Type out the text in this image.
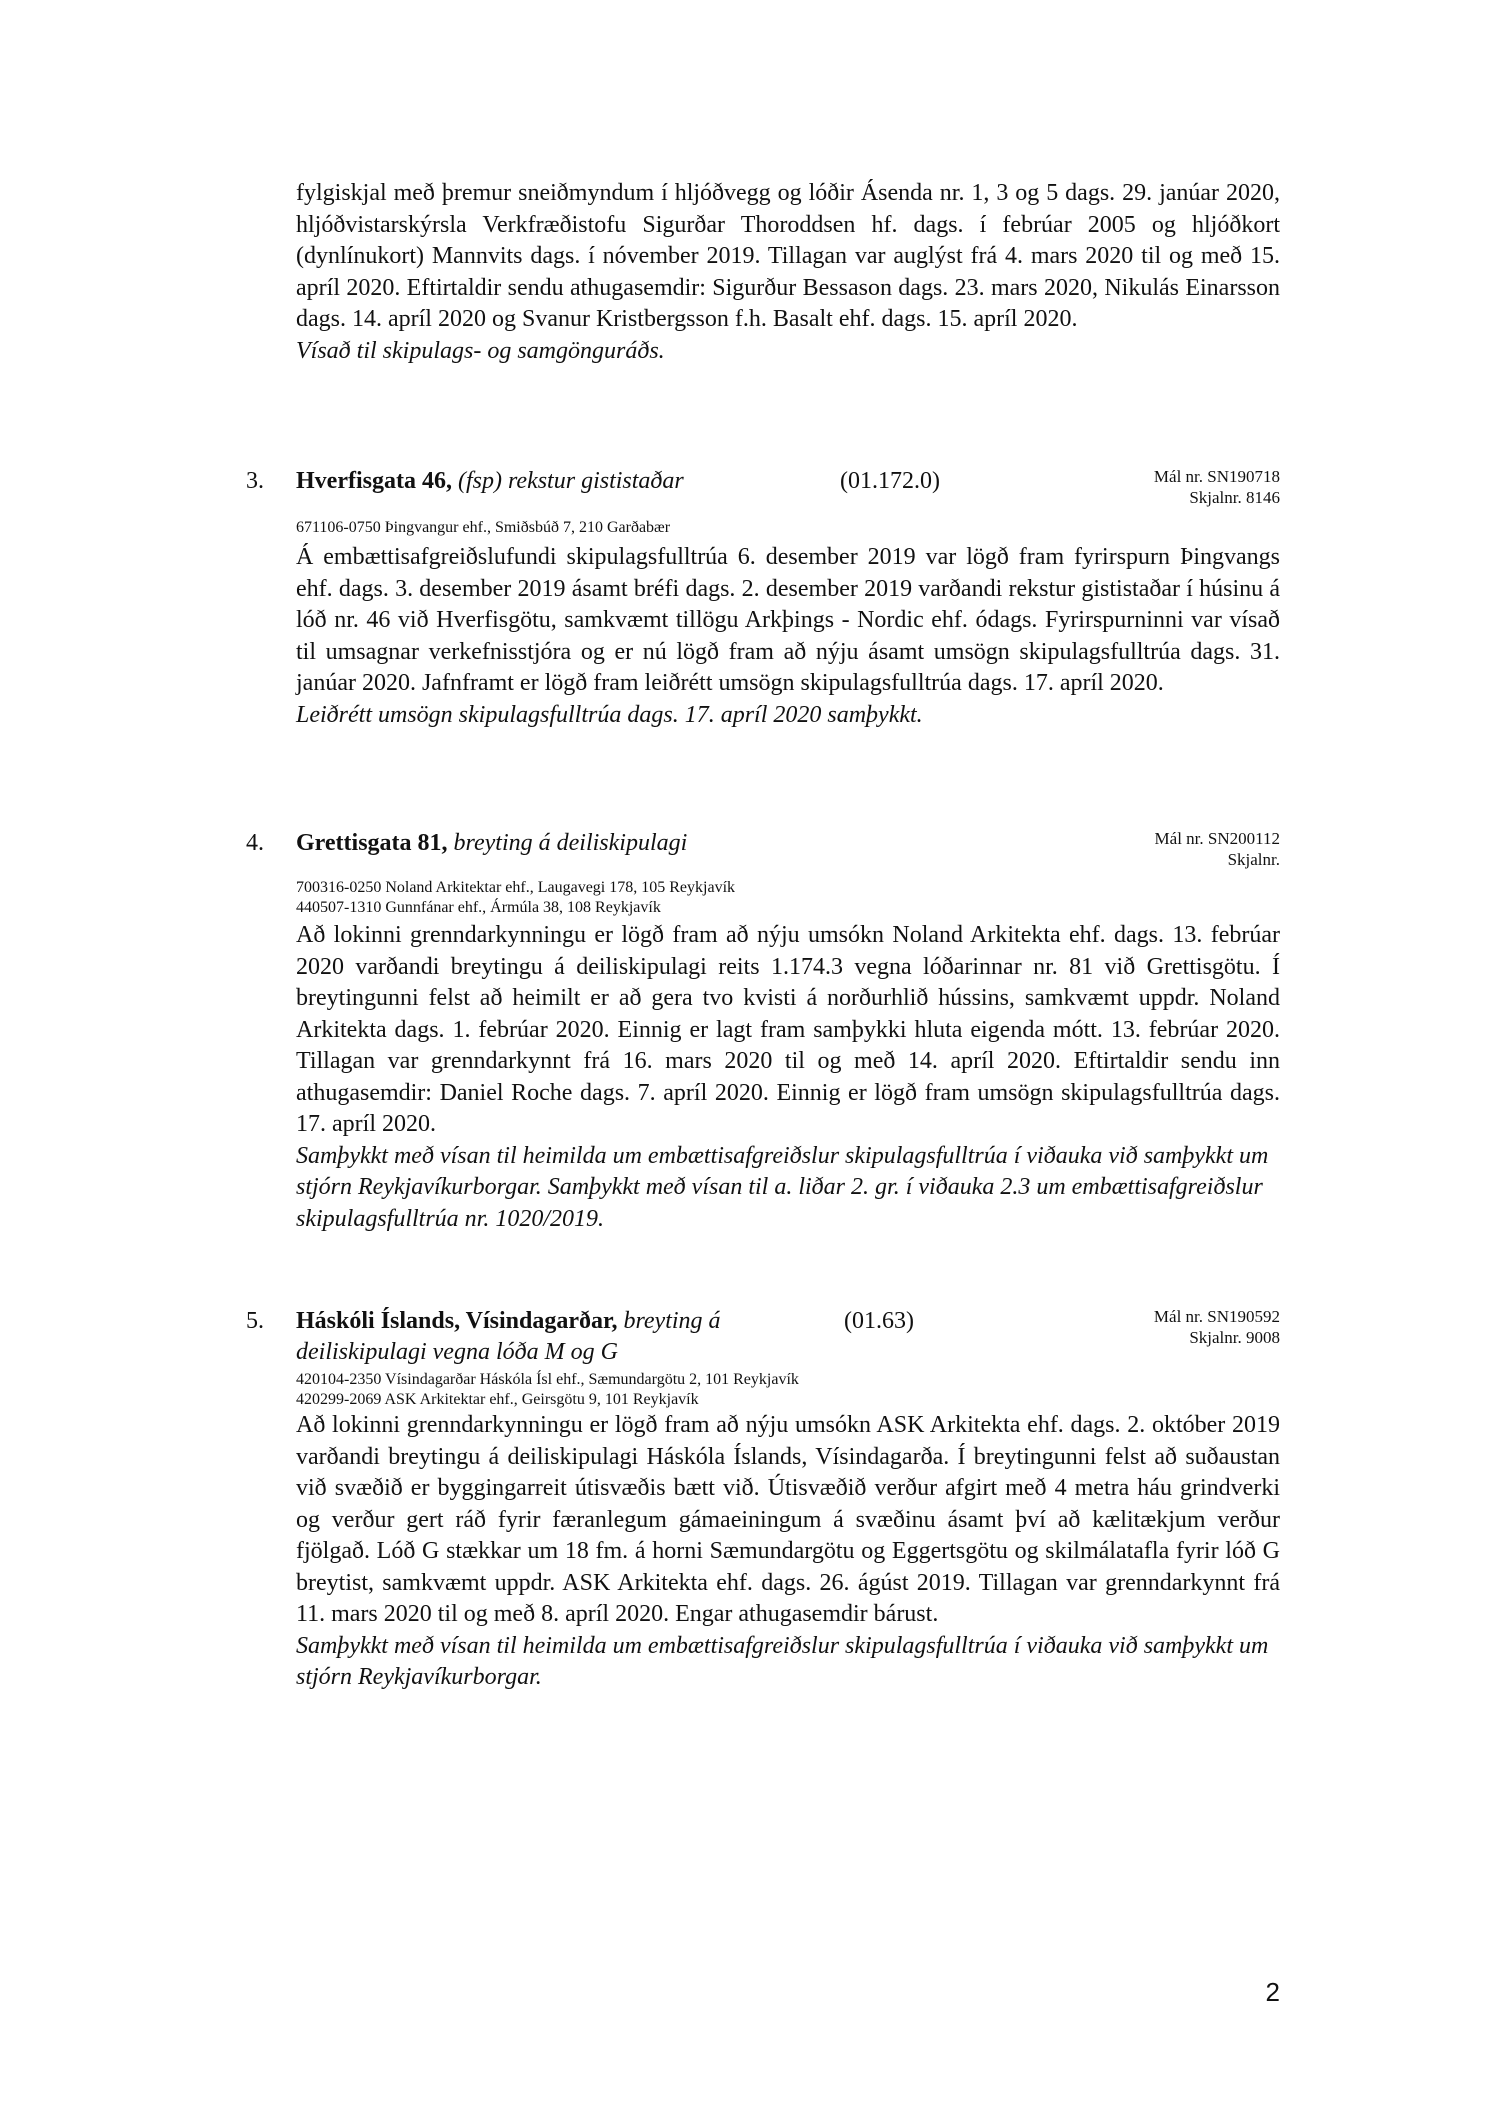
fylgiskjal með þremur sneiðmyndum í hljóðvegg og lóðir Ásenda nr. 1, 3 og 5 dags. 29. janúar 2020, hljóðvistarskýrsla Verkfræðistofu Sigurðar Thoroddsen hf. dags. í febrúar 2005 og hljóðkort (dynlínukort) Mannvits dags. í nóvember 2019. Tillagan var auglýst frá 4. mars 2020 til og með 15. apríl 2020. Eftirtaldir sendu athugasemdir: Sigurður Bessason dags. 23. mars 2020, Nikulás Einarsson dags. 14. apríl 2020 og Svanur Kristbergsson f.h. Basalt ehf. dags. 15. apríl 2020.

Vísað til skipulags- og samgönguráðs.

3. Hverfisgata 46, (fsp) rekstur gististaðar	(01.172.0)	Mál nr. SN190718
Skjalnr. 8146
671106-0750 Þingvangur ehf., Smiðsbúð 7, 210 Garðabær

Á embættisafgreiðslufundi skipulagsfulltrúa 6. desember 2019 var lögð fram fyrirspurn Þingvangs ehf. dags. 3. desember 2019 ásamt bréfi dags. 2. desember 2019 varðandi rekstur gististaðar í húsinu á lóð nr. 46 við Hverfisgötu, samkvæmt tillögu Arkþings - Nordic ehf. ódags. Fyrirspurninni var vísað til umsagnar verkefnisstjóra og er nú lögð fram að nýju ásamt umsögn skipulagsfulltrúa dags. 31. janúar 2020. Jafnframt er lögð fram leiðrétt umsögn skipulagsfulltrúa dags. 17. apríl 2020.

Leiðrétt umsögn skipulagsfulltrúa dags. 17. apríl 2020 samþykkt.

4. Grettisgata 81, breyting á deiliskipulagi	Mál nr. SN200112
Skjalnr.
700316-0250 Noland Arkitektar ehf., Laugavegi 178, 105 Reykjavík
440507-1310 Gunnfánar ehf., Ármúla 38, 108 Reykjavík

Að lokinni grenndarkynningu er lögð fram að nýju umsókn Noland Arkitekta ehf. dags. 13. febrúar 2020 varðandi breytingu á deiliskipulagi reits 1.174.3 vegna lóðarinnar nr. 81 við Grettisgötu. Í breytingunni felst að heimilt er að gera tvo kvisti á norðurhlið hússins, samkvæmt uppdr. Noland Arkitekta dags. 1. febrúar 2020. Einnig er lagt fram samþykki hluta eigenda mótt. 13. febrúar 2020. Tillagan var grenndarkynnt frá 16. mars 2020 til og með 14. apríl 2020. Eftirtaldir sendu inn athugasemdir: Daniel Roche dags. 7. apríl 2020. Einnig er lögð fram umsögn skipulagsfulltrúa dags. 17. apríl 2020.

Samþykkt með vísan til heimilda um embættisafgreiðslur skipulagsfulltrúa í viðauka við samþykkt um stjórn Reykjavíkurborgar. Samþykkt með vísan til a. liðar 2. gr. í viðauka 2.3 um embættisafgreiðslur skipulagsfulltrúa nr. 1020/2019.

5. Háskóli Íslands, Vísindagarðar, breyting á	(01.63)
deiliskipulagi vegna lóða M og G
Mál nr. SN190592
Skjalnr. 9008
420104-2350 Vísindagarðar Háskóla Ísl ehf., Sæmundargötu 2, 101 Reykjavík
420299-2069 ASK Arkitektar ehf., Geirsgötu 9, 101 Reykjavík

Að lokinni grenndarkynningu er lögð fram að nýju umsókn ASK Arkitekta ehf. dags. 2. október 2019 varðandi breytingu á deiliskipulagi Háskóla Íslands, Vísindagarða. Í breytingunni felst að suðaustan við svæðið er byggingarreit útisvæðis bætt við. Útisvæðið verður afgirt með 4 metra háu grindverki og verður gert ráð fyrir færanlegum gámaeiningum á svæðinu ásamt því að kælitækjum verður fjölgað. Lóð G stækkar um 18 fm. á horni Sæmundargötu og Eggertsgötu og skilmálatafla fyrir lóð G breytist, samkvæmt uppdr. ASK Arkitekta ehf. dags. 26. ágúst 2019. Tillagan var grenndarkynnt frá 11. mars 2020 til og með 8. apríl 2020. Engar athugasemdir bárust.

Samþykkt með vísan til heimilda um embættisafgreiðslur skipulagsfulltrúa í viðauka við samþykkt um stjórn Reykjavíkurborgar.

2
